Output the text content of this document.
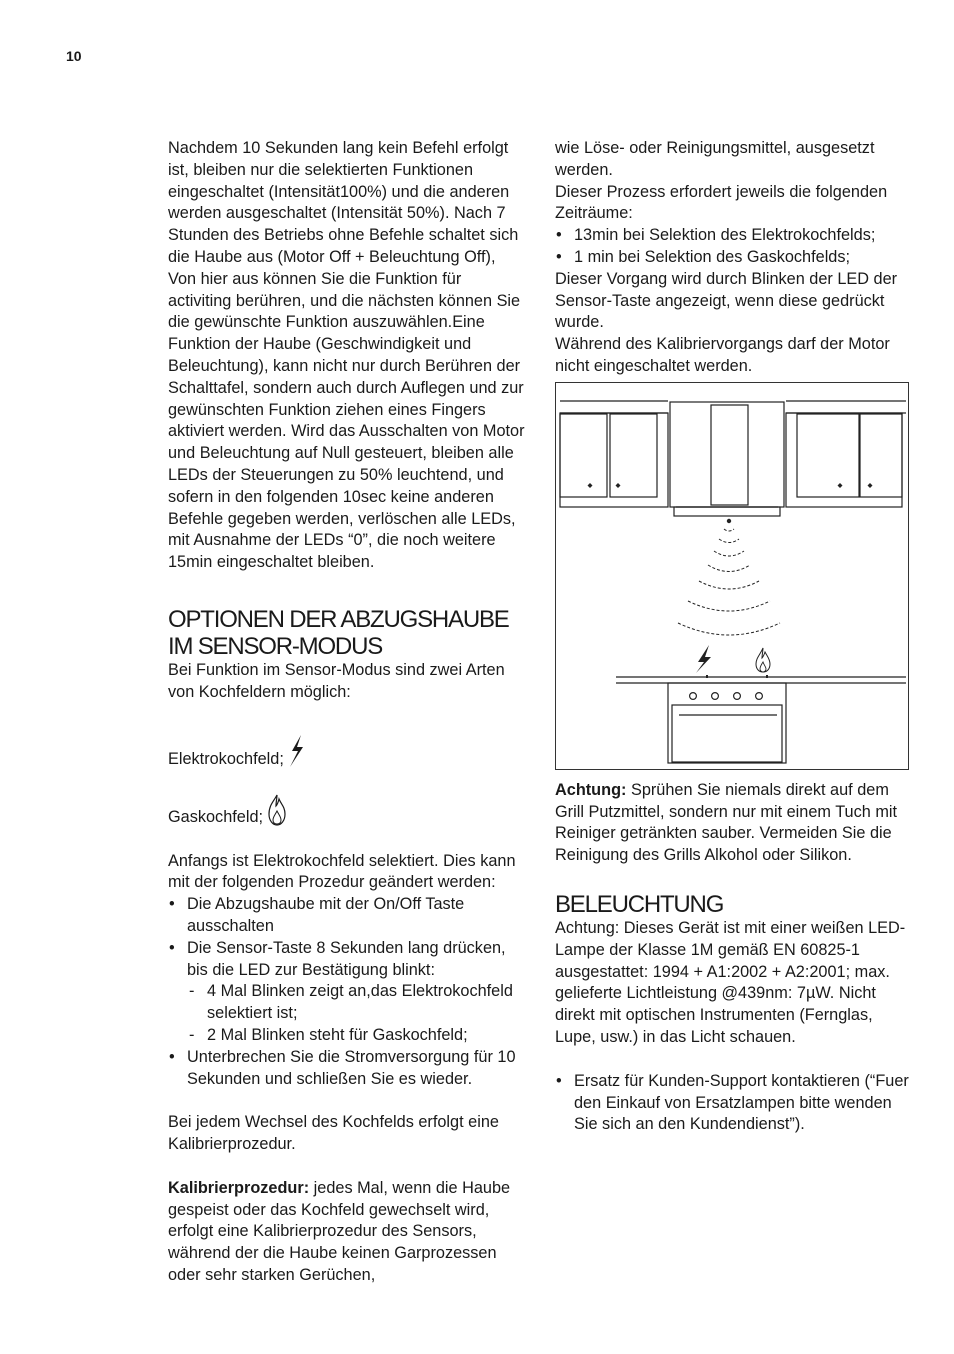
10

Nachdem 10 Sekunden lang kein Befehl erfolgt ist, bleiben nur die selektierten Funktionen eingeschaltet (Intensität100%) und die anderen werden ausgeschaltet (Intensität 50%). Nach 7 Stunden des Betriebs ohne Befehle schaltet sich die Haube aus (Motor Off + Beleuchtung Off), Von hier aus können Sie die Funktion für activiting berühren, und die nächsten können Sie die gewünschte Funktion auszuwählen.Eine Funktion der Haube (Geschwindigkeit und Beleuchtung), kann nicht nur durch Berühren der Schalttafel, sondern auch durch Auflegen und zur gewünschten Funktion ziehen eines Fingers aktiviert werden. Wird das Ausschalten von Motor und Beleuchtung auf Null gesteuert, bleiben alle LEDs der Steuerungen zu 50% leuchtend, und sofern in den folgenden 10sec keine anderen Befehle gegeben werden, verlöschen alle LEDs, mit Ausnahme der LEDs “0”, die noch weitere 15min eingeschaltet bleiben.

OPTIONEN DER ABZUGSHAUBE
IM SENSOR-MODUS

Bei Funktion im Sensor-Modus sind zwei Arten von Kochfeldern möglich:

Elektrokochfeld;
Gaskochfeld;

Anfangs ist Elektrokochfeld selektiert. Dies kann mit der folgenden Prozedur geändert werden:

• Die Abzugshaube mit der On/Off Taste ausschalten
• Die Sensor-Taste 8 Sekunden lang drücken, bis die LED zur Bestätigung blinkt:
- 4 Mal Blinken zeigt an,das Elektrokochfeld selektiert ist;
- 2 Mal Blinken steht für Gaskochfeld;
• Unterbrechen Sie die Stromversorgung für 10 Sekunden und schließen Sie es wieder.

Bei jedem Wechsel des Kochfelds erfolgt eine Kalibrierprozedur.

Kalibrierprozedur: jedes Mal, wenn die Haube gespeist oder das Kochfeld gewechselt wird, erfolgt eine Kalibrierprozedur des Sensors, während der die Haube keinen Garprozessen oder sehr starken Gerüchen,

wie Löse- oder Reinigungsmittel, ausgesetzt werden.

Dieser Prozess erfordert jeweils die folgenden Zeiträume:

• 13min bei Selektion des Elektrokochfelds;
• 1 min bei Selektion des Gaskochfelds;

Dieser Vorgang wird durch Blinken der LED der Sensor-Taste angezeigt, wenn diese gedrückt wurde.

Während des Kalibriervorgangs darf der Motor nicht eingeschaltet werden.

Achtung: Sprühen Sie niemals direkt auf dem Grill Putzmittel, sondern nur mit einem Tuch mit Reiniger getränkten sauber. Vermeiden Sie die Reinigung des Grills Alkohol oder Silikon.

BELEUCHTUNG

Achtung: Dieses Gerät ist mit einer weißen LED-Lampe der Klasse 1M gemäß EN 60825-1 ausgestattet: 1994 + A1:2002 + A2:2001; max. gelieferte Lichtleistung @439nm: 7µW. Nicht direkt mit optischen Instrumenten (Fernglas, Lupe, usw.) in das Licht schauen.

• Ersatz für Kunden-Support kontaktieren (“Fuer den Einkauf von Ersatzlampen bitte wenden Sie sich an den Kundendienst”).
